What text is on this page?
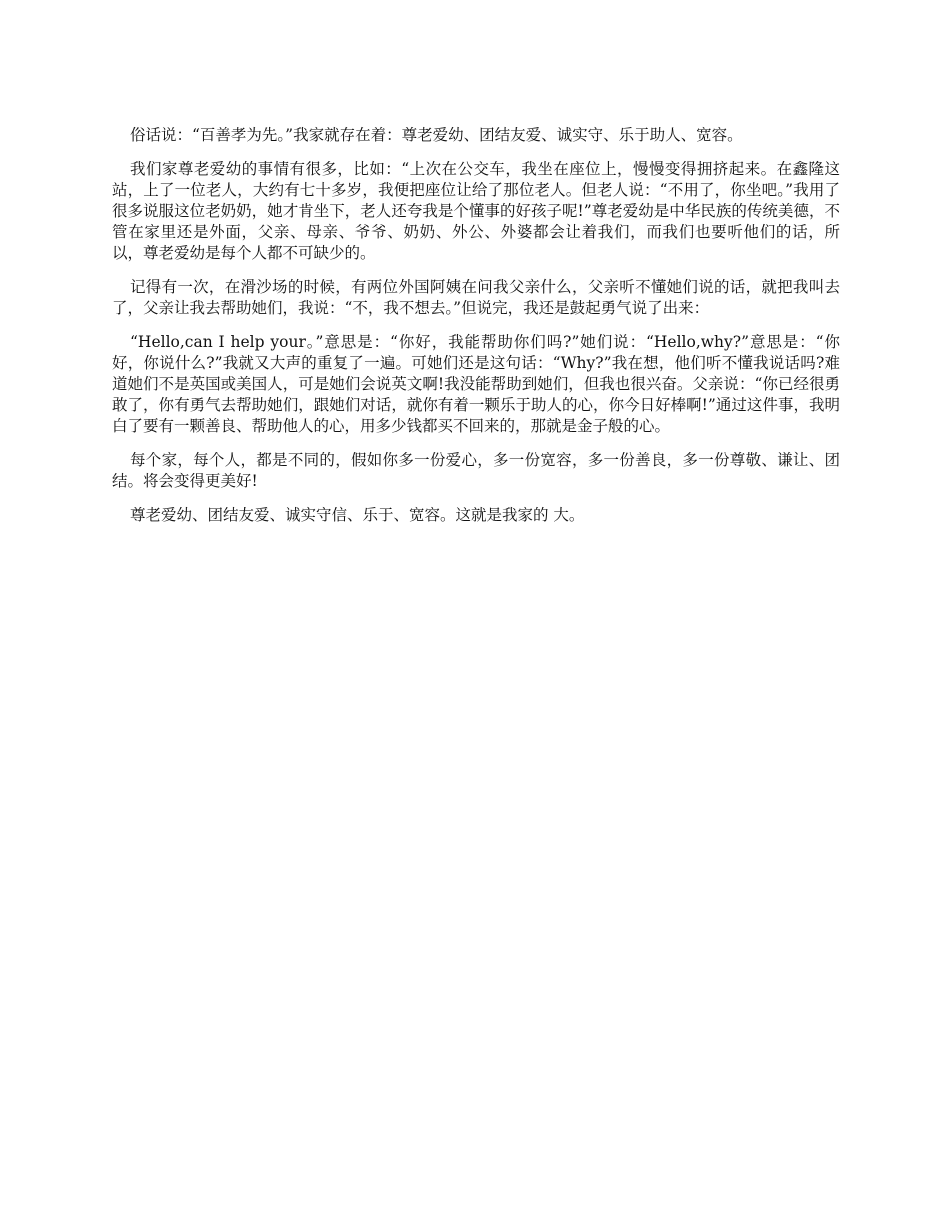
俗话说：“百善孝为先。”我家就存在着：尊老爱幼、团结友爱、诚实守、乐于助人、宽容。

我们家尊老爱幼的事情有很多，比如：“上次在公交车，我坐在座位上，慢慢变得拥挤起来。在鑫隆这站，上了一位老人，大约有七十多岁，我便把座位让给了那位老人。但老人说：“不用了，你坐吧。”我用了很多说服这位老奶奶，她才肯坐下，老人还夸我是个懂事的好孩子呢!”尊老爱幼是中华民族的传统美德，不管在家里还是外面，父亲、母亲、爷爷、奶奶、外公、外婆都会让着我们，而我们也要听他们的话，所以，尊老爱幼是每个人都不可缺少的。

记得有一次，在滑沙场的时候，有两位外国阿姨在问我父亲什么，父亲听不懂她们说的话，就把我叫去了，父亲让我去帮助她们，我说：“不，我不想去。”但说完，我还是鼓起勇气说了出来：

“Hello,can I help your。”意思是：“你好，我能帮助你们吗?”她们说：“Hello,why?”意思是：“你好，你说什么?”我就又大声的重复了一遍。可她们还是这句话：“Why?”我在想，他们听不懂我说话吗?难道她们不是英国或美国人，可是她们会说英文啊!我没能帮助到她们，但我也很兴奋。父亲说：“你已经很勇敢了，你有勇气去帮助她们，跟她们对话，就你有着一颗乐于助人的心，你今日好棒啊!”通过这件事，我明白了要有一颗善良、帮助他人的心，用多少钱都买不回来的，那就是金子般的心。

每个家，每个人，都是不同的，假如你多一份爱心，多一份宽容，多一份善良，多一份尊敬、谦让、团结。将会变得更美好!

尊老爱幼、团结友爱、诚实守信、乐于、宽容。这就是我家的 大。
